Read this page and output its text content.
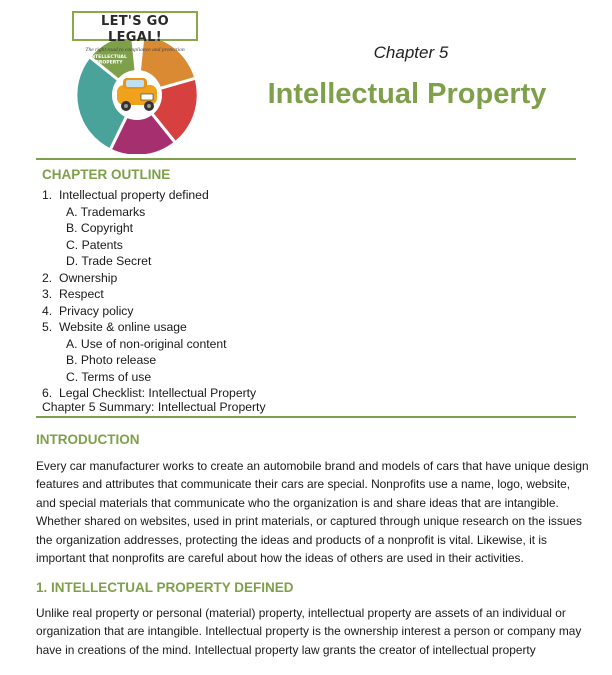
INTELLECTUAL PROPERTY
LET'S GO LEGAL!
The right road to compliance and protection	Chapter 5
Intellectual Property
CHAPTER OUTLINE
1. Intellectual property defined
A. Trademarks
B. Copyright
C. Patents
D. Trade Secret
2. Ownership
3. Respect
4. Privacy policy
5. Website & online usage
A. Use of non-original content
B. Photo release
C. Terms of use
6. Legal Checklist: Intellectual Property
Chapter 5 Summary: Intellectual Property
INTRODUCTION
Every car manufacturer works to create an automobile brand and models of cars that have unique design
features and attributes that communicate their cars are special. Nonprofits use a name, logo, website,
and special materials that communicate who the organization is and share ideas that are intangible.
Whether shared on websites, used in print materials, or captured through unique research on the issues
the organization addresses, protecting the ideas and products of a nonprofit is vital. Likewise, it is
important that nonprofits are careful about how the ideas of others are used in their activities.
1. INTELLECTUAL PROPERTY DEFINED
Unlike real property or personal (material) property, intellectual property are assets of an individual or
organization that are intangible. Intellectual property is the ownership interest a person or company may
have in creations of the mind. Intellectual property law grants the creator of intellectual property
